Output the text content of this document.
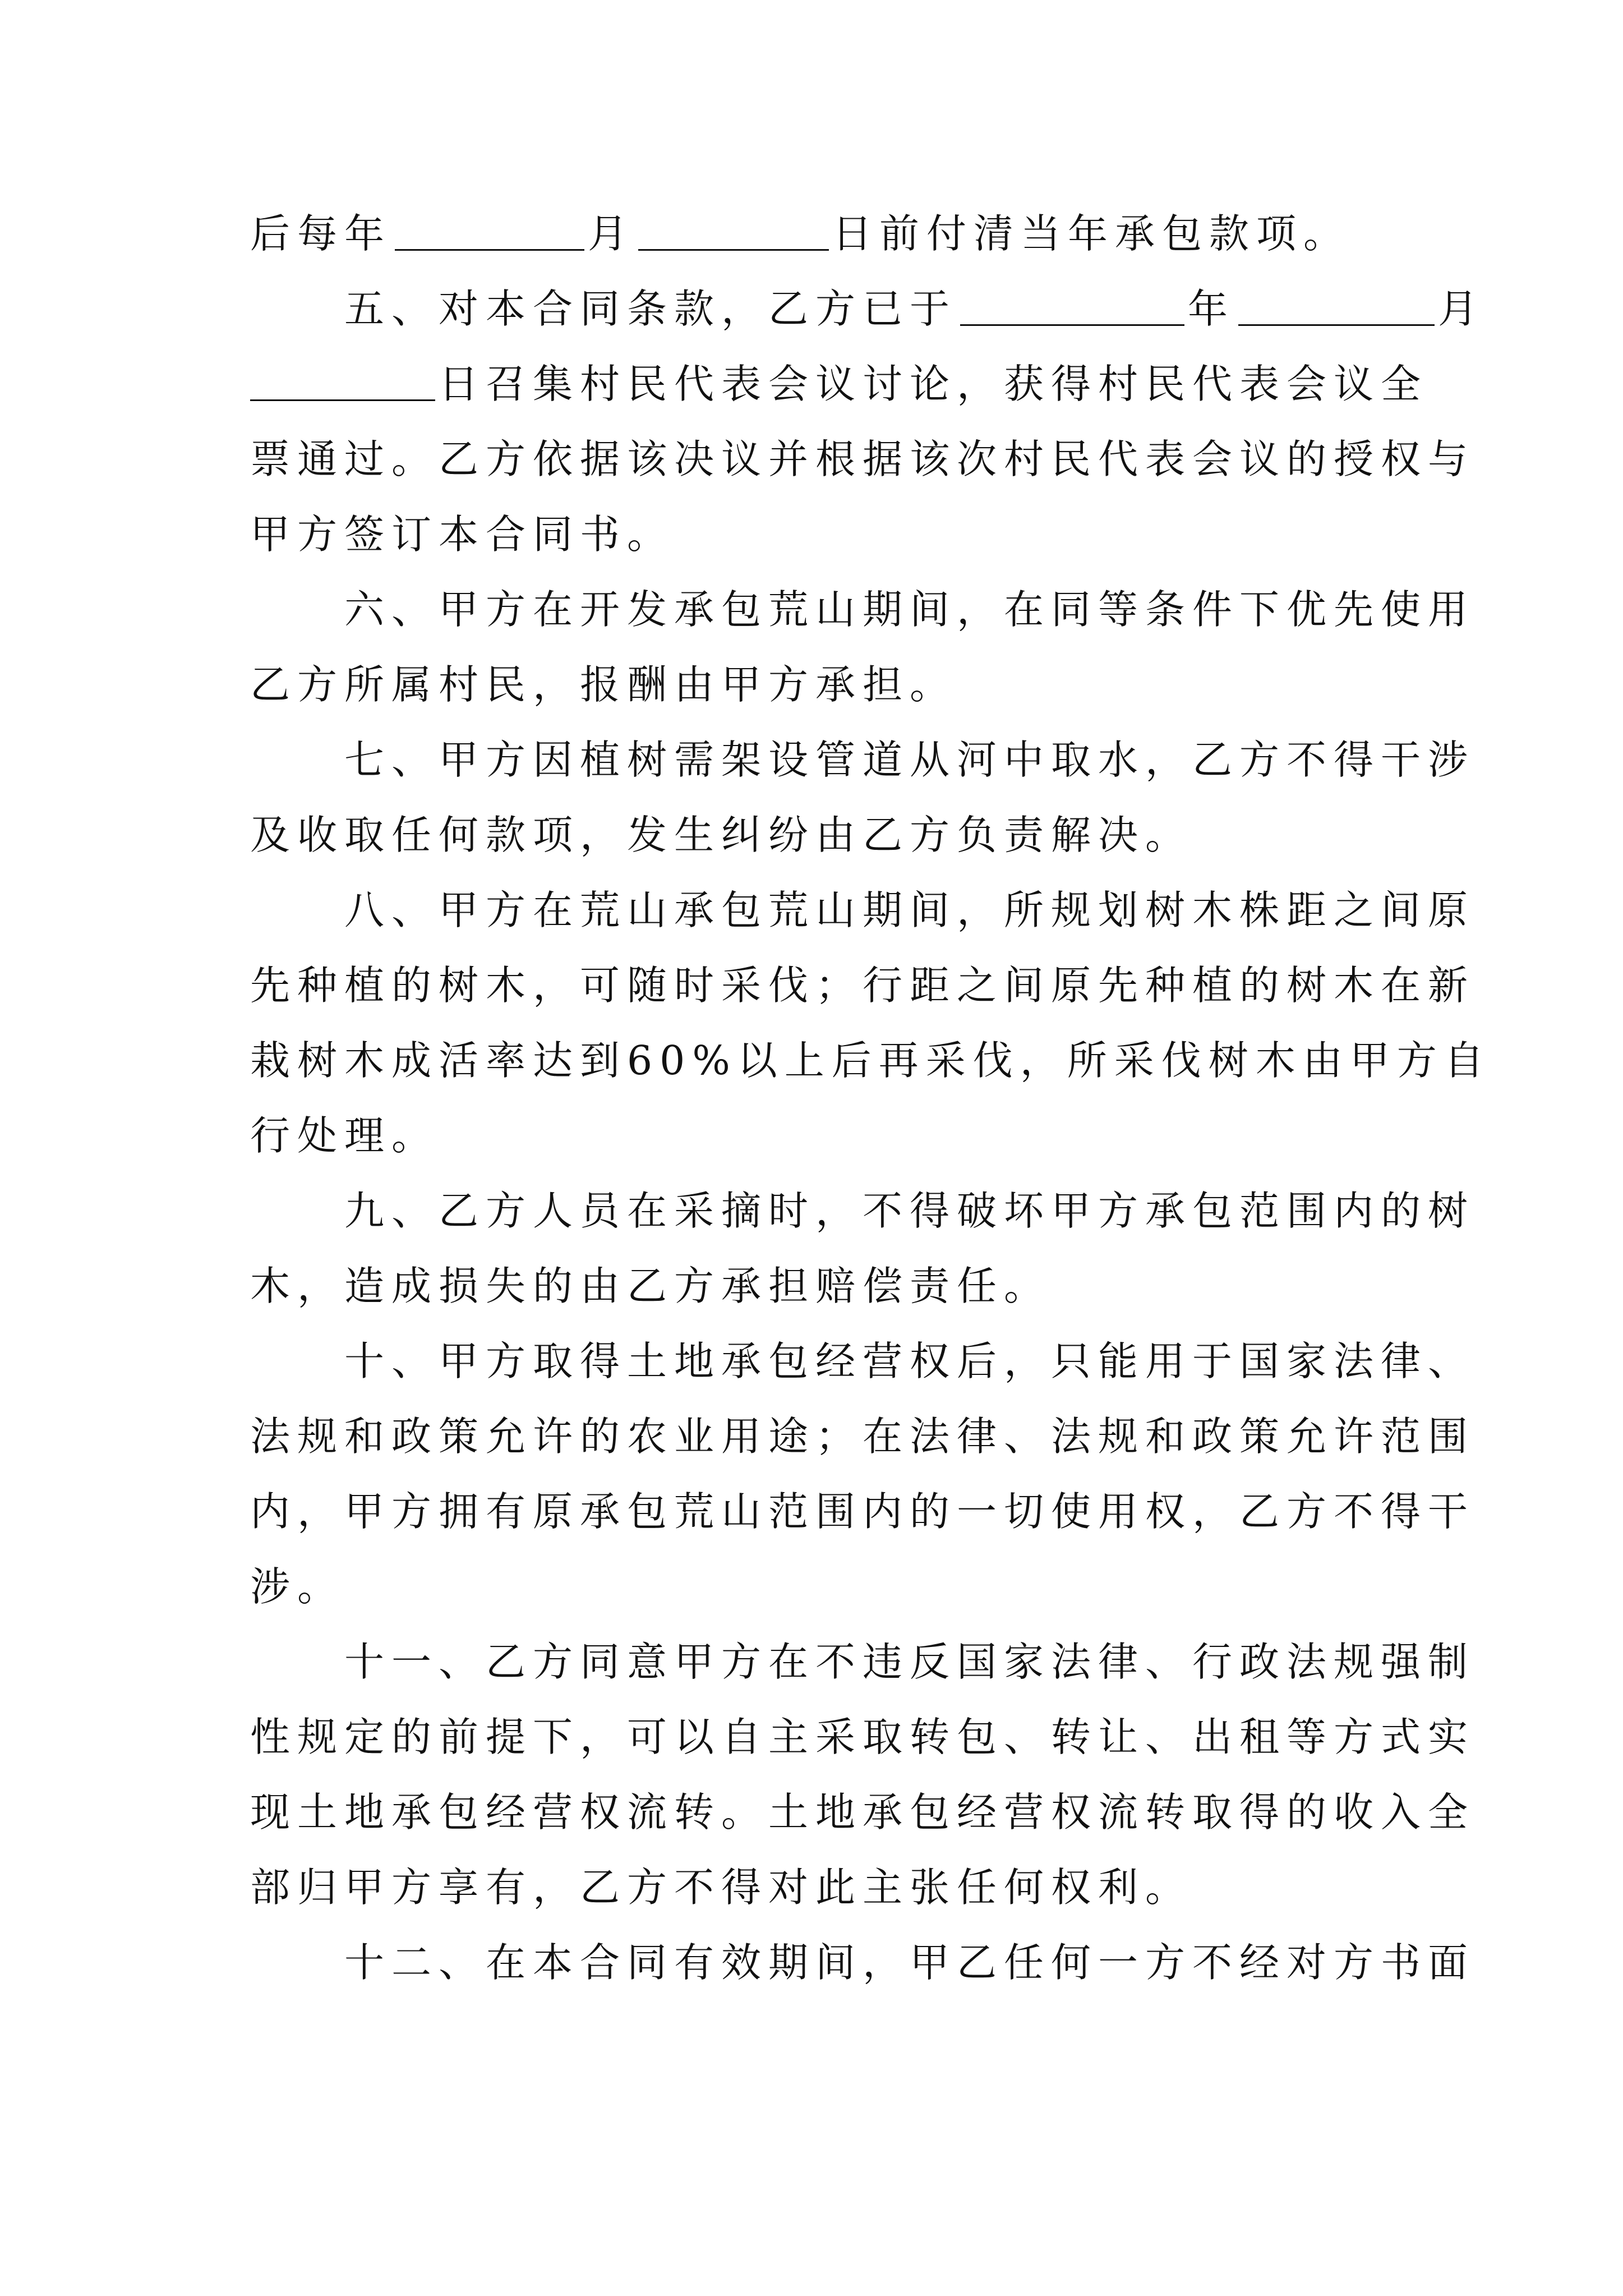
后每年	月	日前付清当年承包款项。
　　五、对本合同条款，乙方已于	年	月
日召集村民代表会议讨论，获得村民代表会议全
票通过。乙方依据该决议并根据该次村民代表会议的授权与
甲方签订本合同书。
　　六、甲方在开发承包荒山期间，在同等条件下优先使用
乙方所属村民，报酬由甲方承担。
　　七、甲方因植树需架设管道从河中取水，乙方不得干涉
及收取任何款项，发生纠纷由乙方负责解决。
　　八、甲方在荒山承包荒山期间，所规划树木株距之间原
先种植的树木，可随时采伐；行距之间原先种植的树木在新
栽树木成活率达到60%以上后再采伐，所采伐树木由甲方自
行处理。
　　九、乙方人员在采摘时，不得破坏甲方承包范围内的树
木，造成损失的由乙方承担赔偿责任。
　　十、甲方取得土地承包经营权后，只能用于国家法律、
法规和政策允许的农业用途；在法律、法规和政策允许范围
内，甲方拥有原承包荒山范围内的一切使用权，乙方不得干
涉。
　　十一、乙方同意甲方在不违反国家法律、行政法规强制
性规定的前提下，可以自主采取转包、转让、出租等方式实
现土地承包经营权流转。土地承包经营权流转取得的收入全
部归甲方享有，乙方不得对此主张任何权利。
　　十二、在本合同有效期间，甲乙任何一方不经对方书面
